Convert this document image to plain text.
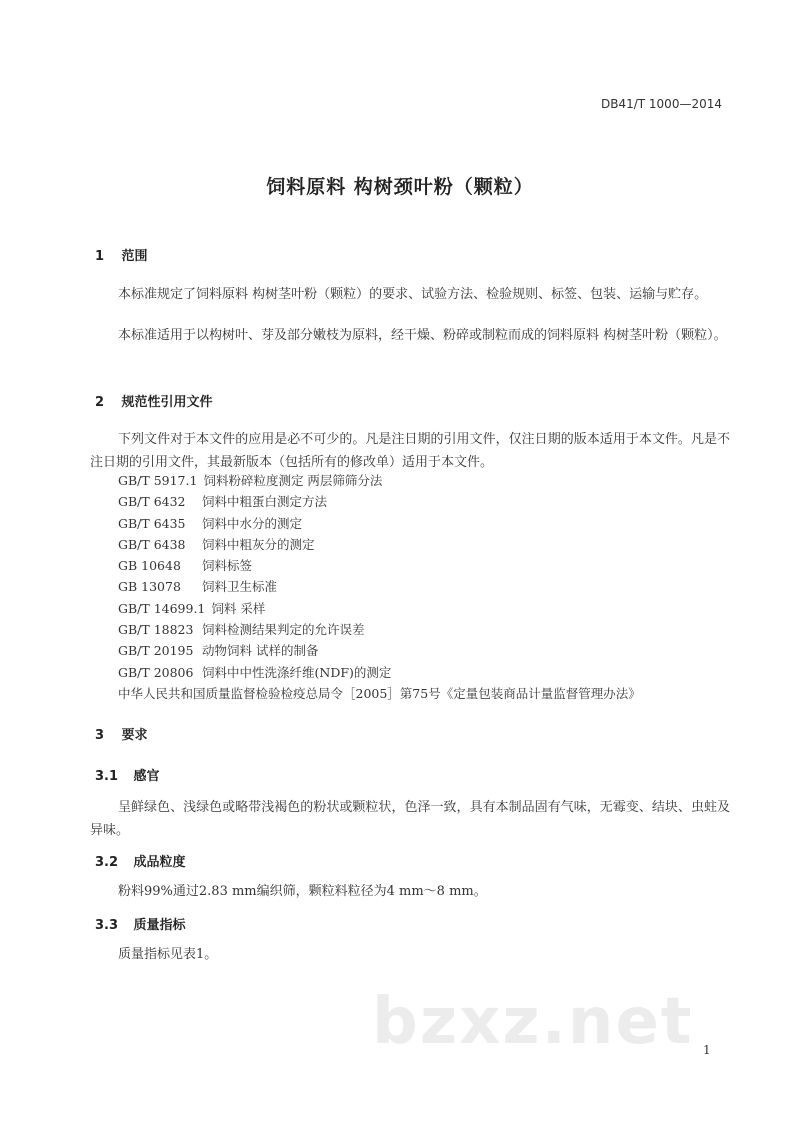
DB41/T 1000—2014
饲料原料 构树颈叶粉（颗粒）
1 范围
本标准规定了饲料原料 构树茎叶粉（颗粒）的要求、试验方法、检验规则、标签、包装、运输与贮存。
本标准适用于以构树叶、芽及部分嫩枝为原料，经干燥、粉碎或制粒而成的饲料原料 构树茎叶粉（颗粒）。
2 规范性引用文件
下列文件对于本文件的应用是必不可少的。凡是注日期的引用文件，仅注日期的版本适用于本文件。凡是不注日期的引用文件，其最新版本（包括所有的修改单）适用于本文件。
GB/T 5917.1 饲料粉碎粒度测定 两层筛筛分法
GB/T 6432 饲料中粗蛋白测定方法
GB/T 6435 饲料中水分的测定
GB/T 6438 饲料中粗灰分的测定
GB 10648 饲料标签
GB 13078 饲料卫生标准
GB/T 14699.1 饲料 采样
GB/T 18823 饲料检测结果判定的允许误差
GB/T 20195 动物饲料 试样的制备
GB/T 20806 饲料中中性洗涤纤维(NDF)的测定
中华人民共和国质量监督检验检疫总局令［2005］第75号《定量包装商品计量监督管理办法》
3 要求
3.1 感官
呈鲜绿色、浅绿色或略带浅褐色的粉状或颗粒状，色泽一致，具有本制品固有气味，无霉变、结块、虫蛀及异味。
3.2 成品粒度
粉料99%通过2.83 mm编织筛，颗粒料粒径为4 mm～8 mm。
3.3 质量指标
质量指标见表1。
bzxz.net 1
